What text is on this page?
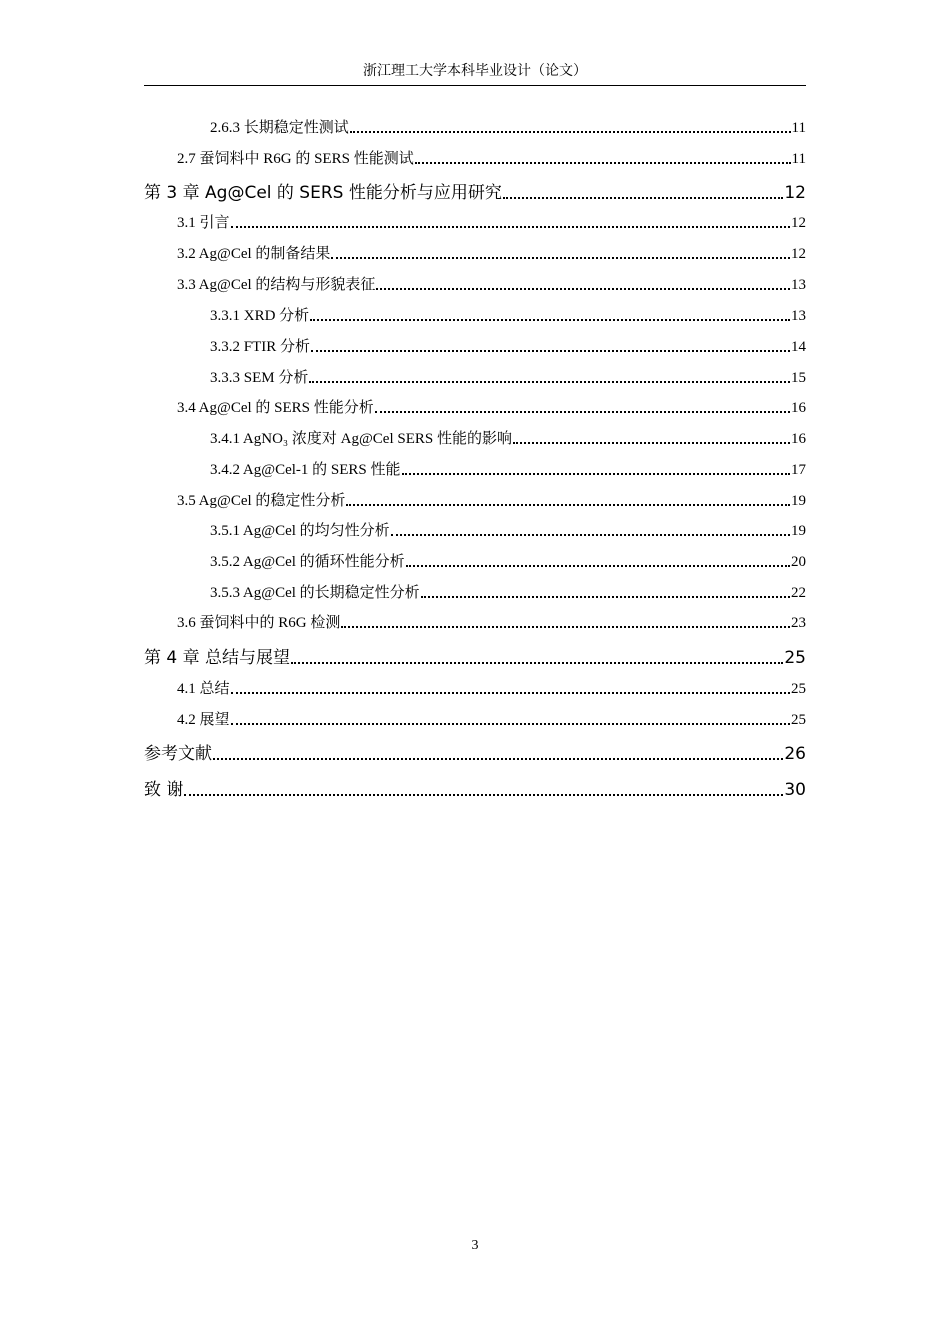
浙江理工大学本科毕业设计（论文）
2.6.3 长期稳定性测试	11
2.7 蚕饲料中 R6G 的 SERS 性能测试	11
第 3 章 Ag@Cel 的 SERS 性能分析与应用研究	12
3.1 引言	12
3.2 Ag@Cel 的制备结果	12
3.3 Ag@Cel 的结构与形貌表征	13
3.3.1 XRD 分析	13
3.3.2 FTIR 分析	14
3.3.3 SEM 分析	15
3.4 Ag@Cel 的 SERS 性能分析	16
3.4.1 AgNO₃ 浓度对 Ag@Cel SERS 性能的影响	16
3.4.2 Ag@Cel-1 的 SERS 性能	17
3.5 Ag@Cel 的稳定性分析	19
3.5.1 Ag@Cel 的均匀性分析	19
3.5.2 Ag@Cel 的循环性能分析	20
3.5.3 Ag@Cel 的长期稳定性分析	22
3.6 蚕饲料中的 R6G 检测	23
第 4 章 总结与展望	25
4.1 总结	25
4.2 展望	25
参考文献	26
致 谢	30
3
